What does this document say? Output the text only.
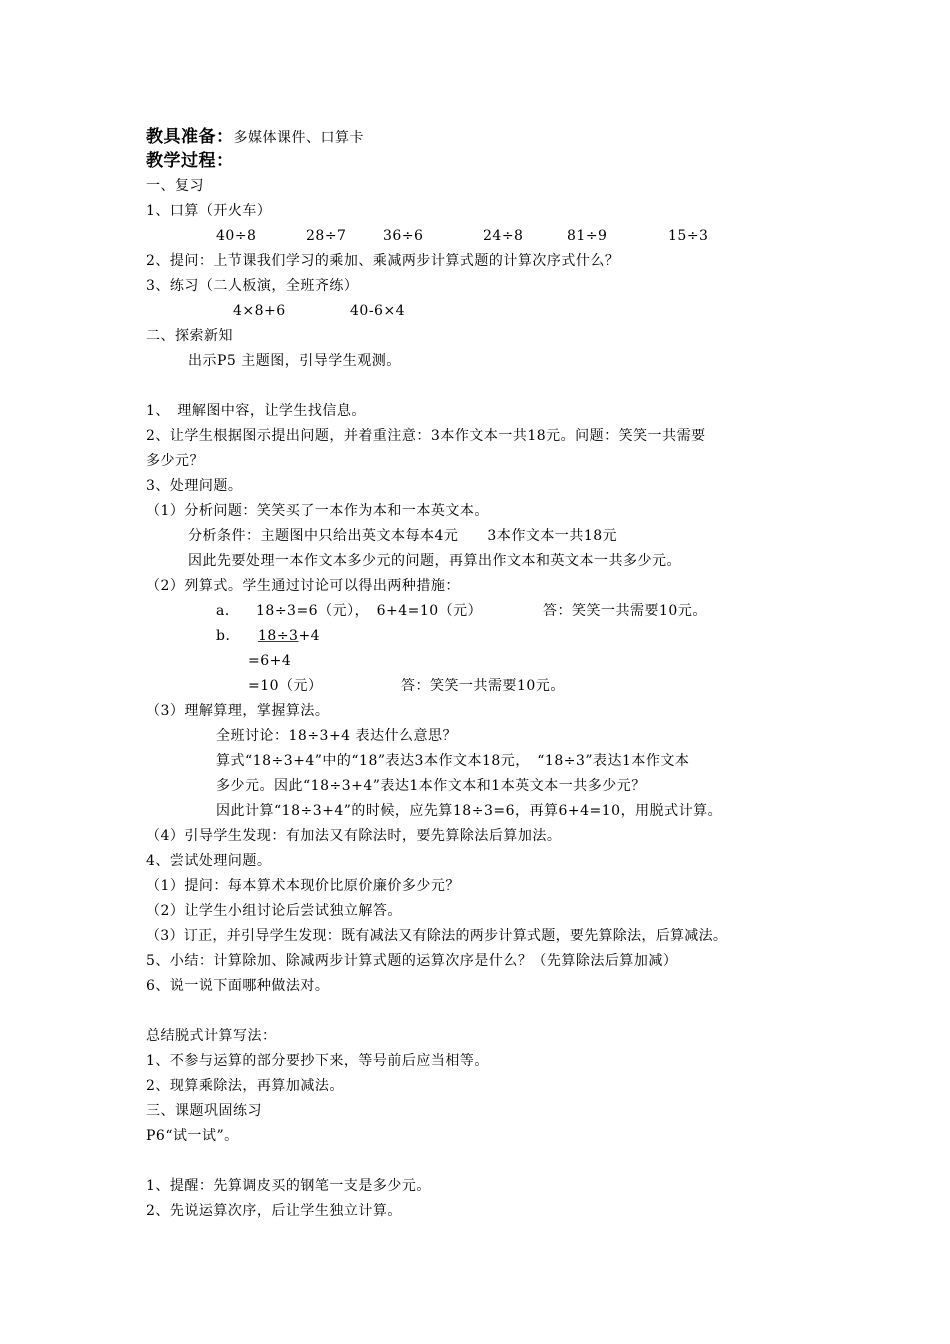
教具准备：多媒体课件、口算卡
教学过程：
一、复习
1、口算（开火车）
40÷8	28÷7	36÷6	24÷8	81÷9	15÷3
2、提问：上节课我们学习的乘加、乘减两步计算式题的计算次序式什么？
3、练习（二人板演，全班齐练）
4×8+6	40-6×4
二、探索新知
出示P5 主题图，引导学生观测。
1、　理解图中容，让学生找信息。
2、让学生根据图示提出问题，并着重注意：3本作文本一共18元。问题：笑笑一共需要
多少元？
3、处理问题。
（1）分析问题：笑笑买了一本作为本和一本英文本。
分析条件：主题图中只给出英文本每本4元　　3本作文本一共18元
因此先要处理一本作文本多少元的问题，再算出作文本和英文本一共多少元。
（2）列算式。学生通过讨论可以得出两种措施：
a． 18÷3=6（元），　6+4=10（元）	答：笑笑一共需要10元。
b． 18÷3+4
=6+4
=10（元）	答：笑笑一共需要10元。
（3）理解算理，掌握算法。
全班讨论：18÷3+4 表达什么意思？
算式“18÷3+4”中的“18”表达3本作文本18元，　“18÷3”表达1本作文本
多少元。因此“18÷3+4”表达1本作文本和1本英文本一共多少元？
因此计算“18÷3+4”的时候，应先算18÷3=6，再算6+4=10，用脱式计算。
（4）引导学生发现：有加法又有除法时，要先算除法后算加法。
4、尝试处理问题。
（1）提问：每本算术本现价比原价廉价多少元？
（2）让学生小组讨论后尝试独立解答。
（3）订正，并引导学生发现：既有减法又有除法的两步计算式题，要先算除法，后算减法。
5、小结：计算除加、除减两步计算式题的运算次序是什么？（先算除法后算加减）
6、说一说下面哪种做法对。
总结脱式计算写法：
1、不参与运算的部分要抄下来，等号前后应当相等。
2、现算乘除法，再算加减法。
三、课题巩固练习
P6“试一试”。
1、提醒：先算调皮买的钢笔一支是多少元。
2、先说运算次序，后让学生独立计算。
